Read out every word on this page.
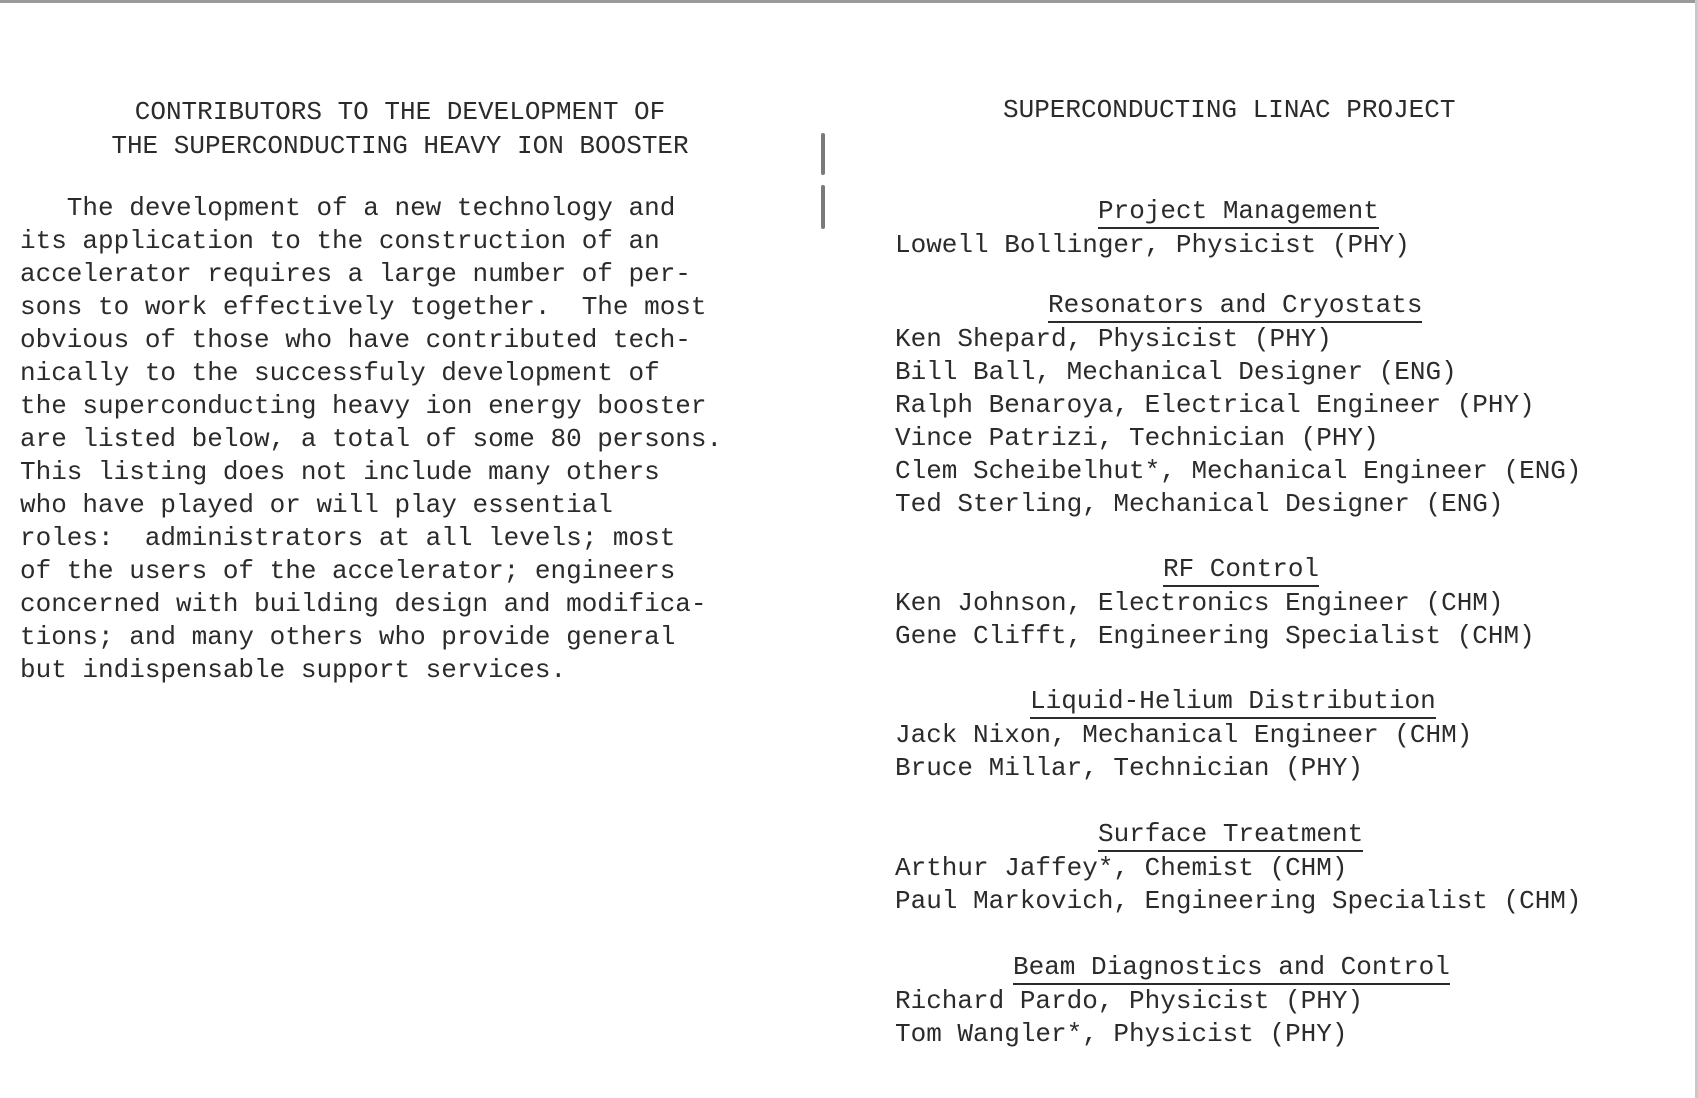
CONTRIBUTORS TO THE DEVELOPMENT OF
THE SUPERCONDUCTING HEAVY ION BOOSTER
The development of a new technology and
its application to the construction of an
accelerator requires a large number of per-
sons to work effectively together.  The most
obvious of those who have contributed tech-
nically to the successfuly development of
the superconducting heavy ion energy booster
are listed below, a total of some 80 persons.
This listing does not include many others
who have played or will play essential
roles:  administrators at all levels; most
of the users of the accelerator; engineers
concerned with building design and modifica-
tions; and many others who provide general
but indispensable support services.
SUPERCONDUCTING LINAC PROJECT
Project Management
Lowell Bollinger, Physicist (PHY)
Resonators and Cryostats
Ken Shepard, Physicist (PHY)
Bill Ball, Mechanical Designer (ENG)
Ralph Benaroya, Electrical Engineer (PHY)
Vince Patrizi, Technician (PHY)
Clem Scheibelhut*, Mechanical Engineer (ENG)
Ted Sterling, Mechanical Designer (ENG)
RF Control
Ken Johnson, Electronics Engineer (CHM)
Gene Clifft, Engineering Specialist (CHM)
Liquid-Helium Distribution
Jack Nixon, Mechanical Engineer (CHM)
Bruce Millar, Technician (PHY)
Surface Treatment
Arthur Jaffey*, Chemist (CHM)
Paul Markovich, Engineering Specialist (CHM)
Beam Diagnostics and Control
Richard Pardo, Physicist (PHY)
Tom Wangler*, Physicist (PHY)
